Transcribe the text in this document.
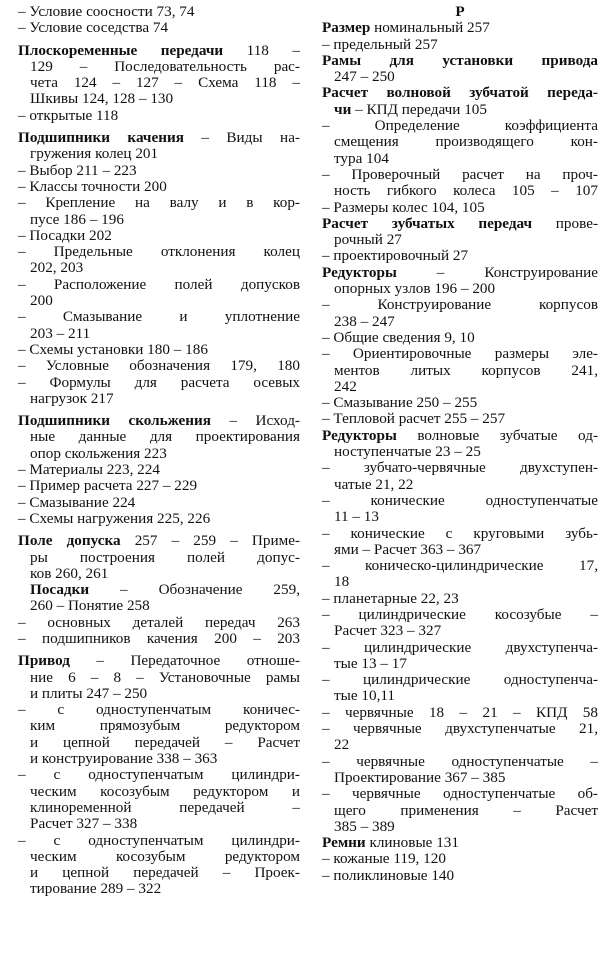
– Условие соосности 73, 74
– Условие соседства 74
Плоскоременные передачи 118 –
129 – Последовательность рас-
чета 124 – 127 – Схема 118 –
Шкивы 124, 128 – 130
– открытые 118
Подшипники качения – Виды на-
гружения колец 201
– Выбор 211 – 223
– Классы точности 200
– Крепление на валу и в кор-
пусе 186 – 196
– Посадки 202
– Предельные отклонения колец
202, 203
– Расположение полей допусков
200
– Смазывание и уплотнение
203 – 211
– Схемы установки 180 – 186
– Условные обозначения 179, 180
– Формулы для расчета осевых
нагрузок 217
Подшипники скольжения – Исход-
ные данные для проектирования
опор скольжения 223
– Материалы 223, 224
– Пример расчета 227 – 229
– Смазывание 224
– Схемы нагружения 225, 226
Поле допуска 257 – 259 – Приме-
ры построения полей допус-
ков 260, 261
Посадки – Обозначение 259,
260 – Понятие 258
– основных деталей передач 263
– подшипников качения 200 – 203
Привод – Передаточное отноше-
ние 6 – 8 – Установочные рамы
и плиты 247 – 250
– с одноступенчатым коничес-
ким прямозубым редуктором
и цепной передачей – Расчет
и конструирование 338 – 363
– с одноступенчатым цилиндри-
ческим косозубым редуктором и
клиноременной передачей –
Расчет 327 – 338
– с одноступенчатым цилиндри-
ческим косозубым редуктором
и цепной передачей – Проек-
тирование 289 – 322
Р
Размер номинальный 257
– предельный 257
Рамы для установки привода
247 – 250
Расчет волновой зубчатой переда-
чи – КПД передачи 105
– Определение коэффициента
смещения производящего кон-
тура 104
– Проверочный расчет на проч-
ность гибкого колеса 105 – 107
– Размеры колес 104, 105
Расчет зубчатых передач прове-
рочный 27
– проектировочный 27
Редукторы – Конструирование
опорных узлов 196 – 200
– Конструирование корпусов
238 – 247
– Общие сведения 9, 10
– Ориентировочные размеры эле-
ментов литых корпусов 241,
242
– Смазывание 250 – 255
– Тепловой расчет 255 – 257
Редукторы волновые зубчатые од-
ноступенчатые 23 – 25
– зубчато-червячные двухступен-
чатые 21, 22
– конические одноступенчатые
11 – 13
– конические с круговыми зубь-
ями – Расчет 363 – 367
– коническо-цилиндрические 17,
18
– планетарные 22, 23
– цилиндрические косозубые –
Расчет 323 – 327
– цилиндрические двухступенча-
тые 13 – 17
– цилиндрические одноступенча-
тые 10,11
– червячные 18 – 21 – КПД 58
– червячные двухступенчатые 21,
22
– червячные одноступенчатые –
Проектирование 367 – 385
– червячные одноступенчатые об-
щего применения – Расчет
385 – 389
Ремни клиновые 131
– кожаные 119, 120
– поликлиновые 140
